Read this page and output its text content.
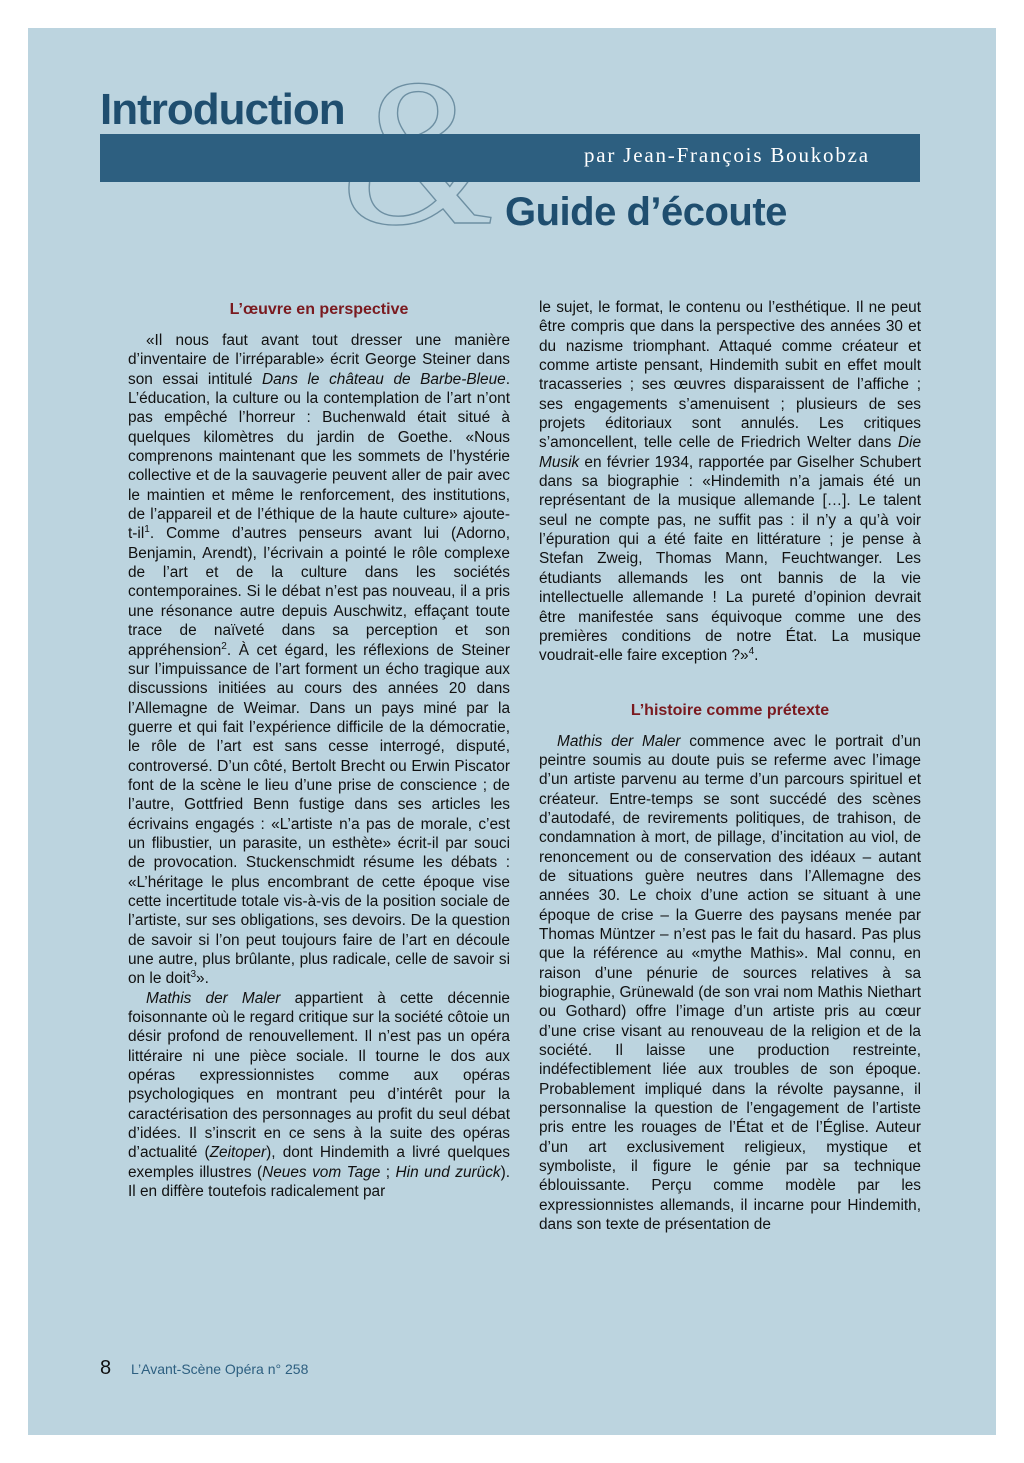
Introduction
par Jean-François Boukobza
Guide d’écoute
L’œuvre en perspective

«Il nous faut avant tout dresser une manière d’inventaire de l’irréparable» écrit George Steiner dans son essai intitulé Dans le château de Barbe-Bleue. L’éducation, la culture ou la contemplation de l’art n’ont pas empêché l’horreur : Buchenwald était situé à quelques kilomètres du jardin de Goethe. «Nous comprenons maintenant que les sommets de l’hystérie collective et de la sauvagerie peuvent aller de pair avec le maintien et même le renforcement, des institutions, de l’appareil et de l’éthique de la haute culture» ajoute-$t-il^1$. Comme d’autres penseurs avant lui (Adorno, Benjamin, Arendt), l’écrivain a pointé le rôle complexe de l’art et de la culture dans les sociétés contemporaines. Si le débat n’est pas nouveau, il a pris une résonance autre depuis Auschwitz, effaçant toute trace de naïveté dans sa perception et son appréhension$^2$. À cet égard, les réflexions de Steiner sur l’impuissance de l’art forment un écho tragique aux discussions initiées au cours des années 20 dans l’Allemagne de Weimar. Dans un pays miné par la guerre et qui fait l’expérience difficile de la démocratie, le rôle de l’art est sans cesse interrogé, disputé, controversé. D’un côté, Bertolt Brecht ou Erwin Piscator font de la scène le lieu d’une prise de conscience ; de l’autre, Gottfried Benn fustige dans ses articles les écrivains engagés : «L’artiste n’a pas de morale, c’est un flibustier, un parasite, un esthète» écrit-il par souci de provocation. Stuckenschmidt résume les débats : «L’héritage le plus encombrant de cette époque vise cette incertitude totale vis-à-vis de la position sociale de l’artiste, sur ses obligations, ses devoirs. De la question de savoir si l’on peut toujours faire de l’art en découle une autre, plus brûlante, plus radicale, celle de savoir si on le doit$^3$».

Mathis der Maler appartient à cette décennie foisonnante où le regard critique sur la société côtoie un désir profond de renouvellement. Il n’est pas un opéra littéraire ni une pièce sociale. Il tourne le dos aux opéras expressionnistes comme aux opéras psychologiques en montrant peu d’intérêt pour la caractérisation des personnages au profit du seul débat d’idées. Il s’inscrit en ce sens à la suite des opéras d’actualité (Zeitoper), dont Hindemith a livré quelques exemples illustres (Neues vom Tage ; Hin und zurück). Il en diffère toutefois radicalement par

le sujet, le format, le contenu ou l’esthétique. Il ne peut être compris que dans la perspective des années 30 et du nazisme triomphant. Attaqué comme créateur et comme artiste pensant, Hindemith subit en effet moult tracasseries ; ses œuvres disparaissent de l’affiche ; ses engagements s’amenuisent ; plusieurs de ses projets éditoriaux sont annulés. Les critiques s’amoncellent, telle celle de Friedrich Welter dans Die Musik en février 1934, rapportée par Giselher Schubert dans sa biographie : «Hindemith n’a jamais été un représentant de la musique allemande […]. Le talent seul ne compte pas, ne suffit pas : il n’y a qu’à voir l’épuration qui a été faite en littérature ; je pense à Stefan Zweig, Thomas Mann, Feuchtwanger. Les étudiants allemands les ont bannis de la vie intellectuelle allemande ! La pureté d’opinion devrait être manifestée sans équivoque comme une des premières conditions de notre État. La musique voudrait-elle faire exception ?»$^4$.

L’histoire comme prétexte

Mathis der Maler commence avec le portrait d’un peintre soumis au doute puis se referme avec l’image d’un artiste parvenu au terme d’un parcours spirituel et créateur. Entre-temps se sont succédé des scènes d’autodafé, de revirements politiques, de trahison, de condamnation à mort, de pillage, d’incitation au viol, de renoncement ou de conservation des idéaux – autant de situations guère neutres dans l’Allemagne des années 30. Le choix d’une action se situant à une époque de crise – la Guerre des paysans menée par Thomas Müntzer – n’est pas le fait du hasard. Pas plus que la référence au «mythe Mathis». Mal connu, en raison d’une pénurie de sources relatives à sa biographie, Grünewald (de son vrai nom Mathis Niethart ou Gothard) offre l’image d’un artiste pris au cœur d’une crise visant au renouveau de la religion et de la société. Il laisse une production restreinte, indéfectiblement liée aux troubles de son époque. Probablement impliqué dans la révolte paysanne, il personnalise la question de l’engagement de l’artiste pris entre les rouages de l’État et de l’Église. Auteur d’un art exclusivement religieux, mystique et symboliste, il figure le génie par sa technique éblouissante. Perçu comme modèle par les expressionnistes allemands, il incarne pour Hindemith, dans son texte de présentation de

8 L’Avant-Scène Opéra n° 258
